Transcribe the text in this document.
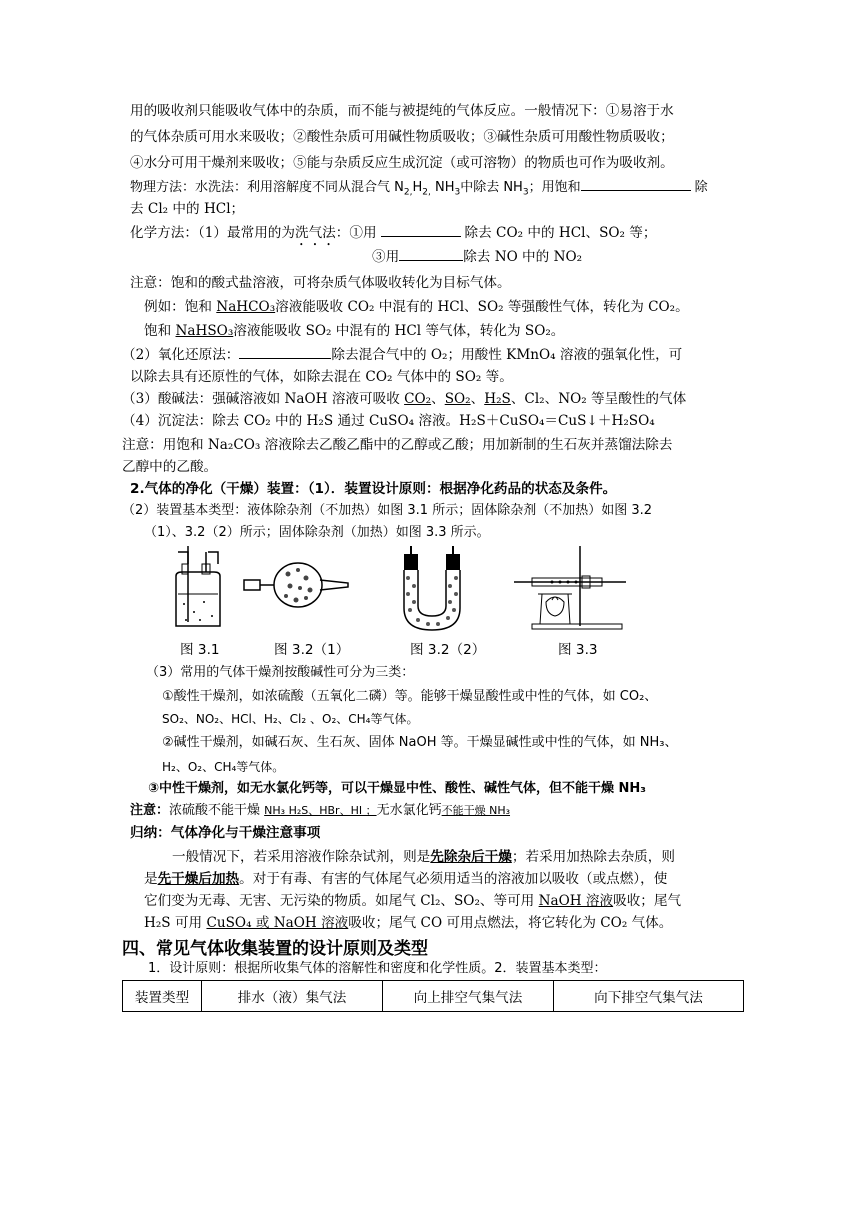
用的吸收剂只能吸收气体中的杂质，而不能与被提纯的气体反应。一般情况下：①易溶于水
的气体杂质可用水来吸收；②酸性杂质可用碱性物质吸收；③碱性杂质可用酸性物质吸收；
④水分可用干燥剂来吸收；⑤能与杂质反应生成沉淀（或可溶物）的物质也可作为吸收剂。
物理方法：水洗法：利用溶解度不同从混合气 $N_{2,}H_{2,}$ $NH_3$中除去 $NH_3$；用饱和	除
去 Cl₂ 中的 HCl；
化学方法：（1）最常用的为洗气法：①用	除去 CO₂ 中的 HCl、SO₂ 等；
③用	除去 NO 中的 NO₂
注意：饱和的酸式盐溶液，可将杂质气体吸收转化为目标气体。
例如：饱和 NaHCO₃溶液能吸收 CO₂ 中混有的 HCl、SO₂ 等强酸性气体，转化为 CO₂。
饱和 NaHSO₃溶液能吸收 SO₂ 中混有的 HCl 等气体，转化为 SO₂。
（2）氧化还原法：	除去混合气中的 O₂；用酸性 KMnO₄ 溶液的强氧化性，可
以除去具有还原性的气体，如除去混在 CO₂ 气体中的 SO₂ 等。
（3）酸碱法：强碱溶液如 NaOH 溶液可吸收 CO₂、SO₂、H₂S、Cl₂、NO₂ 等呈酸性的气体
（4）沉淀法：除去 CO₂ 中的 H₂S 通过 CuSO₄ 溶液。H₂S＋CuSO₄＝CuS↓＋H₂SO₄
注意：用饱和 Na₂CO₃ 溶液除去乙酸乙酯中的乙醇或乙酸；用加新制的生石灰并蒸馏法除去
乙醇中的乙酸。
2.气体的净化（干燥）装置：（1）．装置设计原则：根据净化药品的状态及条件。
（2）装置基本类型：液体除杂剂（不加热）如图 3.1 所示；固体除杂剂（不加热）如图 3.2
（1）、3.2（2）所示；固体除杂剂（加热）如图 3.3 所示。
图 3.1	图 3.2（1）	图 3.2（2）	图 3.3
（3）常用的气体干燥剂按酸碱性可分为三类：
①酸性干燥剂，如浓硫酸（五氧化二磷）等。能够干燥显酸性或中性的气体，如 CO₂、
SO₂、NO₂、HCl、H₂、Cl₂ 、O₂、CH₄等气体。
②碱性干燥剂，如碱石灰、生石灰、固体 NaOH 等。干燥显碱性或中性的气体，如 NH₃、
H₂、O₂、CH₄等气体。
③中性干燥剂，如无水氯化钙等，可以干燥显中性、酸性、碱性气体，但不能干燥 NH₃
注意：浓硫酸不能干燥 NH₃ H₂S、HBr、HI ；无水氯化钙不能干燥 NH₃
归纳：气体净化与干燥注意事项
一般情况下，若采用溶液作除杂试剂，则是先除杂后干燥；若采用加热除去杂质，则
是先干燥后加热。对于有毒、有害的气体尾气必须用适当的溶液加以吸收（或点燃），使
它们变为无毒、无害、无污染的物质。如尾气 Cl₂、SO₂、等可用 NaOH 溶液吸收；尾气
H₂S 可用 CuSO₄ 或 NaOH 溶液吸收；尾气 CO 可用点燃法，将它转化为 CO₂ 气体。
四、常见气体收集装置的设计原则及类型
1．设计原则：根据所收集气体的溶解性和密度和化学性质。2．装置基本类型：
装置类型	排水（液）集气法	向上排空气集气法	向下排空气集气法
